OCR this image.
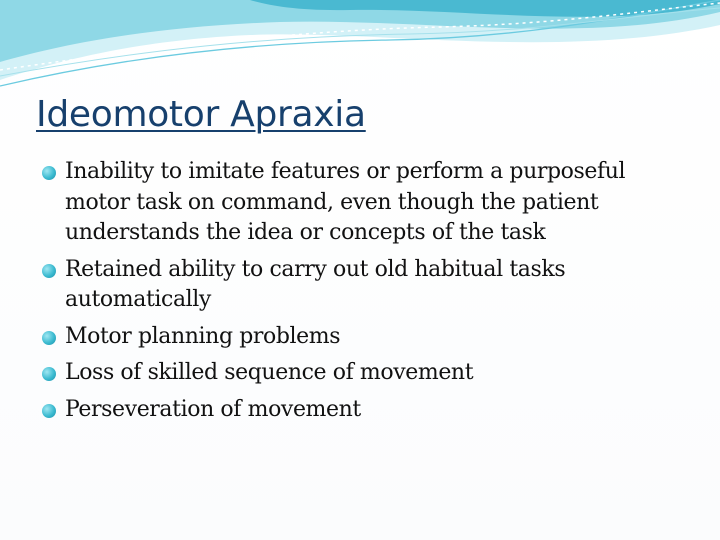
Ideomotor Apraxia
Inability to imitate features or perform a purposeful motor task on command, even though the patient understands the idea or concepts of the task
Retained ability to carry out old habitual tasks automatically
Motor planning problems
Loss of skilled sequence of movement
Perseveration of movement
